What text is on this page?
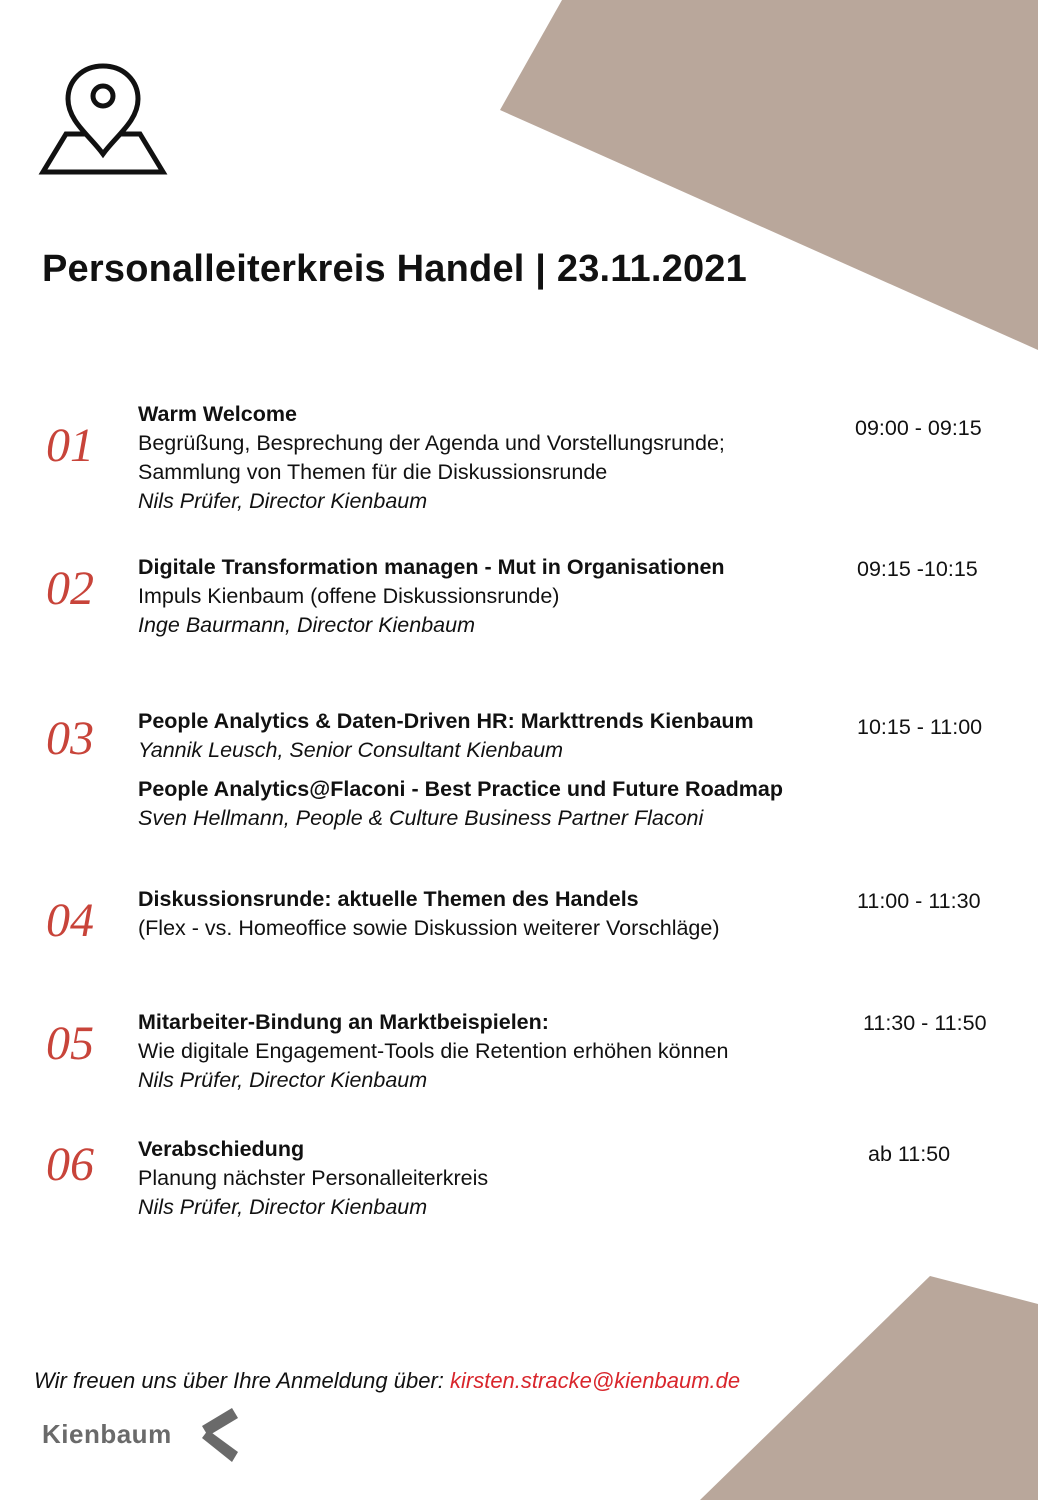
Personalleiterkreis Handel | 23.11.2021
01
Warm Welcome
Begrüßung, Besprechung der Agenda und Vorstellungsrunde;
Sammlung von Themen für die Diskussionsrunde
Nils Prüfer, Director Kienbaum
09:00 - 09:15
02 Digitale Transformation managen - Mut in Organisationen
Impuls Kienbaum (offene Diskussionsrunde)
Inge Baurmann, Director Kienbaum
09:15 -10:15
03 People Analytics & Daten-Driven HR: Markttrends Kienbaum
Yannik Leusch, Senior Consultant Kienbaum
People Analytics@Flaconi - Best Practice und Future Roadmap
Sven Hellmann, People & Culture Business Partner Flaconi
10:15 - 11:00
04 Diskussionsrunde: aktuelle Themen des Handels
(Flex - vs. Homeoffice sowie Diskussion weiterer Vorschläge)
11:00 - 11:30
05 Mitarbeiter-Bindung an Marktbeispielen:
Wie digitale Engagement-Tools die Retention erhöhen können
Nils Prüfer, Director Kienbaum
11:30 - 11:50
06 Verabschiedung
Planung nächster Personalleiterkreis
Nils Prüfer, Director Kienbaum
ab 11:50
Wir freuen uns über Ihre Anmeldung über: kirsten.stracke@kienbaum.de
Kienbaum
